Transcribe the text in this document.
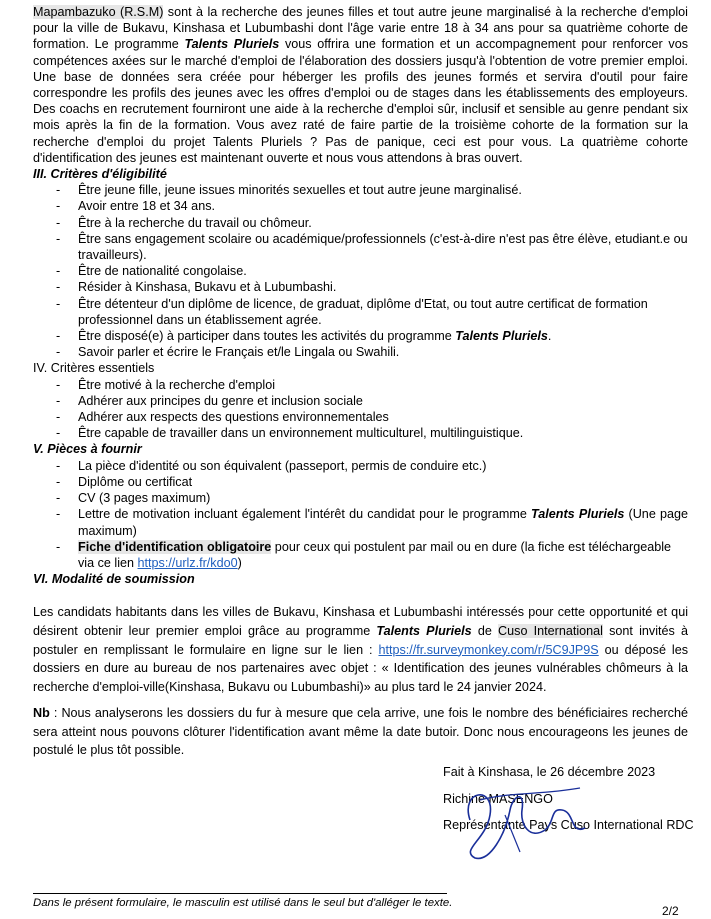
Mapambazuko (R.S.M) sont à la recherche des jeunes filles et tout autre jeune marginalisé à la recherche d'emploi pour la ville de Bukavu, Kinshasa et Lubumbashi dont l'âge varie entre 18 à 34 ans pour sa quatrième cohorte de formation. Le programme Talents Pluriels vous offrira une formation et un accompagnement pour renforcer vos compétences axées sur le marché d'emploi de l'élaboration des dossiers jusqu'à l'obtention de votre premier emploi. Une base de données sera créée pour héberger les profils des jeunes formés et servira d'outil pour faire correspondre les profils des jeunes avec les offres d'emploi ou de stages dans les établissements des employeurs. Des coachs en recrutement fourniront une aide à la recherche d'emploi sûr, inclusif et sensible au genre pendant six mois après la fin de la formation. Vous avez raté de faire partie de la troisième cohorte de la formation sur la recherche d'emploi du projet Talents Pluriels ? Pas de panique, ceci est pour vous. La quatrième cohorte d'identification des jeunes est maintenant ouverte et nous vous attendons à bras ouvert.

III. Critères d'éligibilité

- Être jeune fille, jeune issues minorités sexuelles et tout autre jeune marginalisé.
- Avoir entre 18 et 34 ans.
- Être à la recherche du travail ou chômeur.
- Être sans engagement scolaire ou académique/professionnels (c'est-à-dire n'est pas être élève, etudiant.e ou travailleurs).
- Être de nationalité congolaise.
- Résider à Kinshasa, Bukavu et à Lubumbashi.
- Être détenteur d'un diplôme de licence, de graduat, diplôme d'Etat, ou tout autre certificat de formation professionnel dans un établissement agrée.
- Être disposé(e) à participer dans toutes les activités du programme Talents Pluriels.
- Savoir parler et écrire le Français et/le Lingala ou Swahili.

IV. Critères essentiels

- Être motivé à la recherche d'emploi
- Adhérer aux principes du genre et inclusion sociale
- Adhérer aux respects des questions environnementales
- Être capable de travailler dans un environnement multiculturel, multilinguistique.

V. Pièces à fournir

- La pièce d'identité ou son équivalent (passeport, permis de conduire etc.)
- Diplôme ou certificat
- CV (3 pages maximum)
- Lettre de motivation incluant également l'intérêt du candidat pour le programme Talents Pluriels (Une page maximum)
- Fiche d'identification obligatoire pour ceux qui postulent par mail ou en dure (la fiche est téléchargeable via ce lien https://urlz.fr/kdo0)

VI. Modalité de soumission

Les candidats habitants dans les villes de Bukavu, Kinshasa et Lubumbashi intéressés pour cette opportunité et qui désirent obtenir leur premier emploi grâce au programme Talents Pluriels de Cuso International sont invités à postuler en remplissant le formulaire en ligne sur le lien : https://fr.surveymonkey.com/r/5C9JP9S ou déposé les dossiers en dure au bureau de nos partenaires avec objet : « Identification des jeunes vulnérables chômeurs à la recherche d'emploi-ville(Kinshasa, Bukavu ou Lubumbashi)» au plus tard le 24 janvier 2024.

Nb : Nous analyserons les dossiers du fur à mesure que cela arrive, une fois le nombre des bénéficiaires recherché sera atteint nous pouvons clôturer l'identification avant même la date butoir. Donc nous encourageons les jeunes de postulé le plus tôt possible.

Fait à Kinshasa, le 26 décembre 2023
Richine MASENGO
Représentante Pays Cuso International RDC
Dans le présent formulaire, le masculin est utilisé dans le seul but d'alléger le texte.
2/2
